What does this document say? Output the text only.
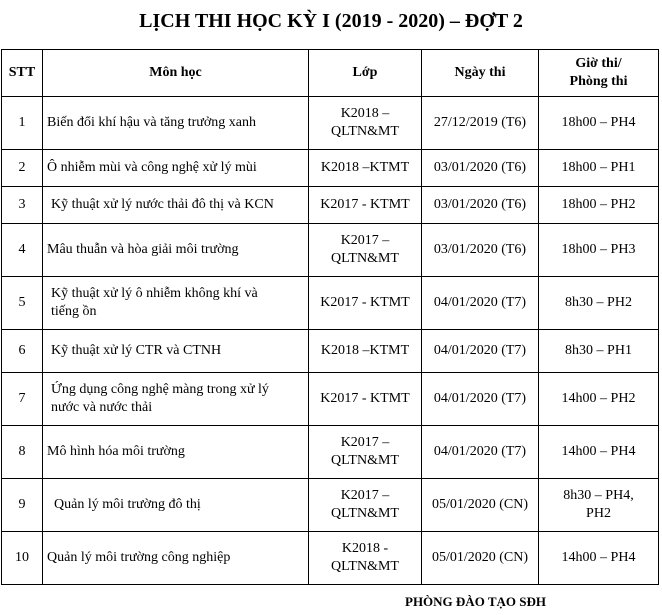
LỊCH THI HỌC KỲ I (2019 - 2020) – ĐỢT 2
STT	Môn học	Lớp	Ngày thi	Giờ thi/
Phòng thi

1	Biến đổi khí hậu và tăng trưởng xanh	K2018 –
QLTN&MT	27/12/2019 (T6)	18h00 – PH4
2	Ô nhiễm mùi và công nghệ xử lý mùi	K2018 –KTMT	03/01/2020 (T6)	18h00 – PH1
3	Kỹ thuật xử lý nước thải đô thị và KCN	K2017 - KTMT	03/01/2020 (T6)	18h00 – PH2
4	Mâu thuẫn và hòa giải môi trường	K2017 –
QLTN&MT	03/01/2020 (T6)	18h00 – PH3
5	Kỹ thuật xử lý ô nhiễm không khí và
tiếng ồn	K2017 - KTMT	04/01/2020 (T7)	8h30 – PH2
6	Kỹ thuật xử lý CTR và CTNH	K2018 –KTMT	04/01/2020 (T7)	8h30 – PH1
7	Ứng dụng công nghệ màng trong xử lý
nước và nước thải	K2017 - KTMT	04/01/2020 (T7)	14h00 – PH2
8	Mô hình hóa môi trường	K2017 –
QLTN&MT	04/01/2020 (T7)	14h00 – PH4
9	Quản lý môi trường đô thị	K2017 –
QLTN&MT	05/01/2020 (CN)	8h30 – PH4,
PH2

10	Quản lý môi trường công nghiệp	K2018 -
QLTN&MT	05/01/2020 (CN)	14h00 – PH4
PHÒNG ĐÀO TẠO SĐH
